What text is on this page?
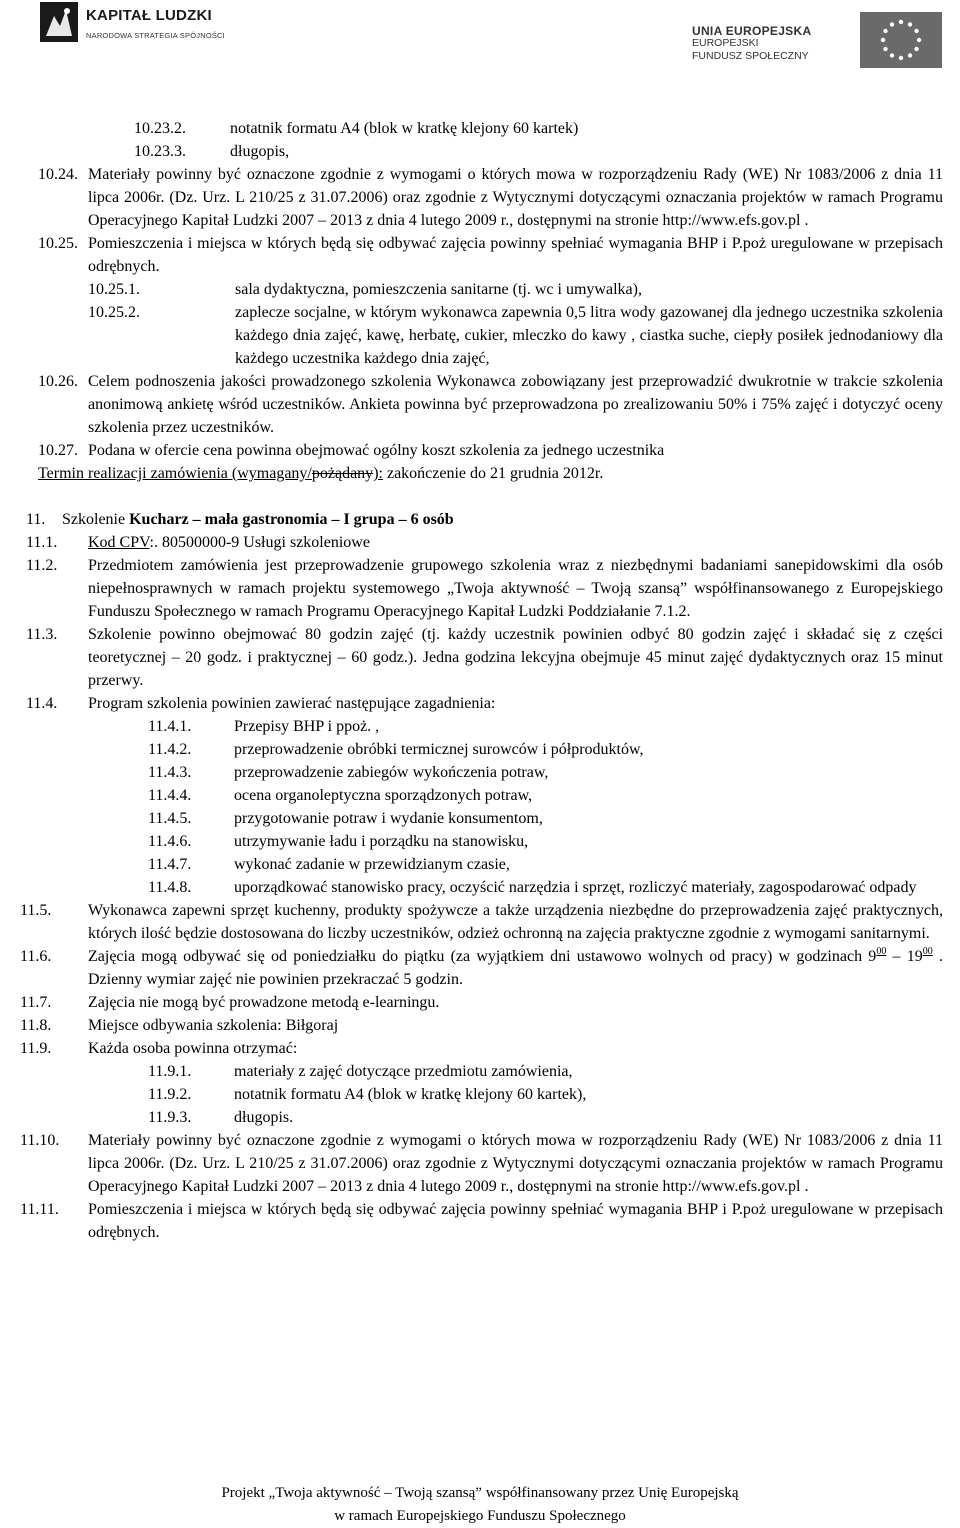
KAPITAŁ LUDZKI
NARODOWA STRATEGIA SPÓJNOŚCI	UNIA EUROPEJSKA
EUROPEJSKI
FUNDUSZ SPOŁECZNY
10.23.2.	notatnik formatu A4 (blok w kratkę klejony 60 kartek)
10.23.3.	długopis,
10.24. Materiały powinny być oznaczone zgodnie z wymogami o których mowa w rozporządzeniu Rady (WE) Nr 1083/2006 z dnia 11 lipca 2006r. (Dz. Urz. L 210/25 z 31.07.2006) oraz zgodnie z Wytycznymi dotyczącymi oznaczania projektów w ramach Programu Operacyjnego Kapitał Ludzki 2007 – 2013 z dnia 4 lutego 2009 r., dostępnymi na stronie http://www.efs.gov.pl .
10.25. Pomieszczenia i miejsca w których będą się odbywać zajęcia powinny spełniać wymagania BHP i P.poż uregulowane w przepisach odrębnych.
10.25.1.	sala dydaktyczna, pomieszczenia sanitarne (tj. wc i umywalka),
10.25.2.	zaplecze socjalne, w którym wykonawca zapewnia 0,5 litra wody gazowanej dla jednego uczestnika szkolenia każdego dnia zajęć, kawę, herbatę, cukier, mleczko do kawy , ciastka suche, ciepły posiłek jednodaniowy dla każdego uczestnika każdego dnia zajęć,
10.26. Celem podnoszenia jakości prowadzonego szkolenia Wykonawca zobowiązany jest przeprowadzić dwukrotnie w trakcie szkolenia anonimową ankietę wśród uczestników. Ankieta powinna być przeprowadzona po zrealizowaniu 50% i 75% zajęć i dotyczyć oceny szkolenia przez uczestników.
10.27. Podana w ofercie cena powinna obejmować ogólny koszt szkolenia za jednego uczestnika
Termin realizacji zamówienia (wymagany/pożądany): zakończenie do 21 grudnia 2012r.
11.	Szkolenie Kucharz – mała gastronomia – I grupa – 6 osób
11.1.	Kod CPV:. 80500000-9 Usługi szkoleniowe
11.2.	Przedmiotem zamówienia jest przeprowadzenie grupowego szkolenia wraz z niezbędnymi badaniami sanepidowskimi dla osób niepełnosprawnych w ramach projektu systemowego „Twoja aktywność – Twoją szansą” współfinansowanego z Europejskiego Funduszu Społecznego w ramach Programu Operacyjnego Kapitał Ludzki Poddziałanie 7.1.2.
11.3.	Szkolenie powinno obejmować 80 godzin zajęć (tj. każdy uczestnik powinien odbyć 80 godzin zajęć i składać się z części teoretycznej – 20 godz. i praktycznej – 60 godz.). Jedna godzina lekcyjna obejmuje 45 minut zajęć dydaktycznych oraz 15 minut przerwy.
11.4.	Program szkolenia powinien zawierać następujące zagadnienia:
11.4.1.	Przepisy BHP i ppoż. ,
11.4.2.	przeprowadzenie obróbki termicznej surowców i półproduktów,
11.4.3.	przeprowadzenie zabiegów wykończenia potraw,
11.4.4.	ocena organoleptyczna sporządzonych potraw,
11.4.5.	przygotowanie potraw i wydanie konsumentom,
11.4.6.	utrzymywanie ładu i porządku na stanowisku,
11.4.7.	wykonać zadanie w przewidzianym czasie,
11.4.8.	uporządkować stanowisko pracy, oczyścić narzędzia i sprzęt, rozliczyć materiały, zagospodarować odpady
11.5.	Wykonawca zapewni sprzęt kuchenny, produkty spożywcze a także urządzenia niezbędne do przeprowadzenia zajęć praktycznych, których ilość będzie dostosowana do liczby uczestników, odzież ochronną na zajęcia praktyczne zgodnie z wymogami sanitarnymi.
11.6.	Zajęcia mogą odbywać się od poniedziałku do piątku (za wyjątkiem dni ustawowo wolnych od pracy) w godzinach $9^{00} - 19^{00}$ . Dzienny wymiar zajęć nie powinien przekraczać 5 godzin.
11.7.	Zajęcia nie mogą być prowadzone metodą e-learningu.
11.8.	Miejsce odbywania szkolenia: Biłgoraj
11.9.	Każda osoba powinna otrzymać:
11.9.1.	materiały z zajęć dotyczące przedmiotu zamówienia,
11.9.2.	notatnik formatu A4 (blok w kratkę klejony 60 kartek),
11.9.3.	długopis.
11.10.	Materiały powinny być oznaczone zgodnie z wymogami o których mowa w rozporządzeniu Rady (WE) Nr 1083/2006 z dnia 11 lipca 2006r. (Dz. Urz. L 210/25 z 31.07.2006) oraz zgodnie z Wytycznymi dotyczącymi oznaczania projektów w ramach Programu Operacyjnego Kapitał Ludzki 2007 – 2013 z dnia 4 lutego 2009 r., dostępnymi na stronie http://www.efs.gov.pl .
11.11.	Pomieszczenia i miejsca w których będą się odbywać zajęcia powinny spełniać wymagania BHP i P.poż uregulowane w przepisach odrębnych.
Projekt „Twoja aktywność – Twoją szansą” współfinansowany przez Unię Europejską
w ramach Europejskiego Funduszu Społecznego
